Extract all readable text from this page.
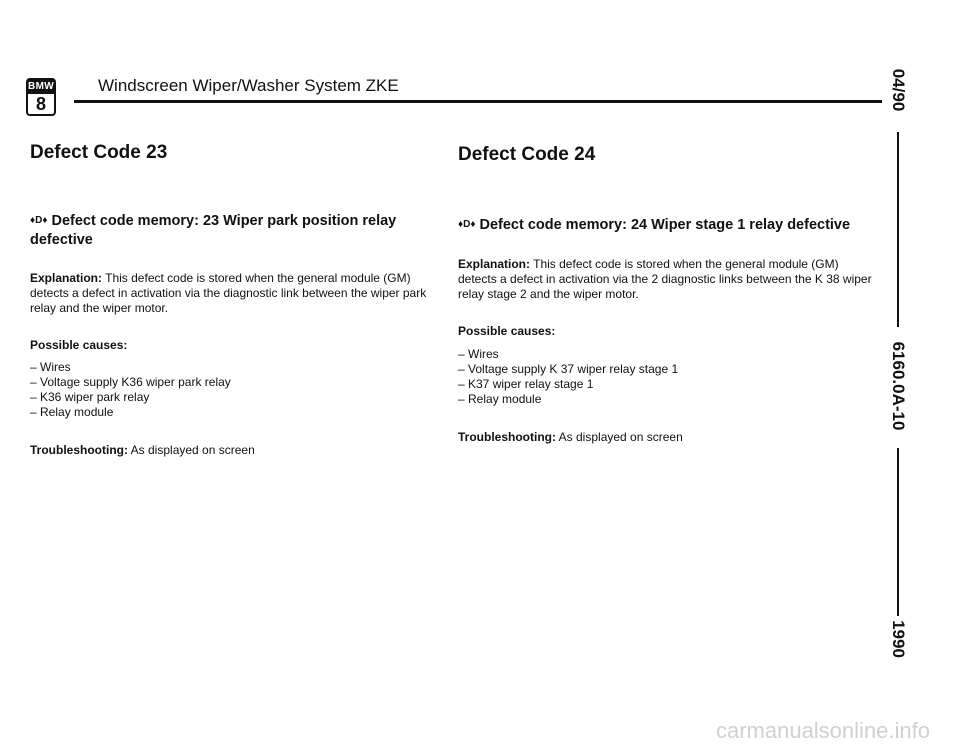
BMW
8
Windscreen Wiper/Washer System ZKE	04/90
6160.0A-10
1990
Defect Code 23

♦D♦ Defect code memory: 23 Wiper park position relay defective

Explanation: This defect code is stored when the general module (GM) detects a defect in activation via the diagnostic link between the wiper park relay and the wiper motor.

Possible causes:

– Wires
– Voltage supply K36 wiper park relay
– K36 wiper park relay
– Relay module

Troubleshooting: As displayed on screen

Defect Code 24

♦D♦ Defect code memory: 24 Wiper stage 1 relay defective

Explanation: This defect code is stored when the general module (GM) detects a defect in activation via the 2 diagnostic links between the K 38 wiper relay stage 2 and the wiper motor.

Possible causes:

– Wires
– Voltage supply K 37 wiper relay stage 1
– K37 wiper relay stage 1
– Relay module

Troubleshooting: As displayed on screen

carmanualsonline.info
